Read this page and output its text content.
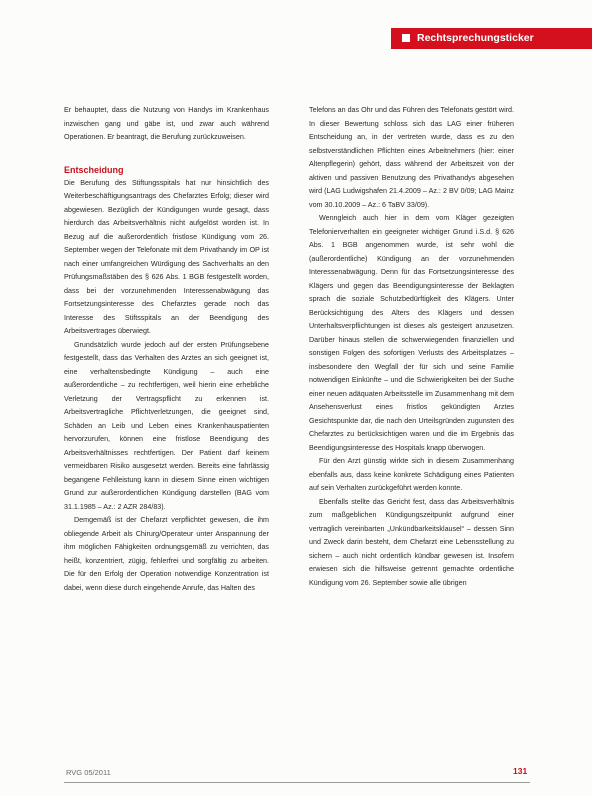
Rechtsprechungsticker

Er behauptet, dass die Nutzung von Handys im Krankenhaus inzwischen gang und gäbe ist, und zwar auch während Operationen. Er beantragt, die Berufung zurückzuweisen.

Entscheidung

Die Berufung des Stiftungsspitals hat nur hinsichtlich des Weiterbeschäftigungsantrags des Chefarztes Erfolg; dieser wird abgewiesen. Bezüglich der Kündigungen wurde gesagt, dass hierdurch das Arbeitsverhältnis nicht aufgelöst worden ist. In Bezug auf die außerordentlich fristlose Kündigung vom 26. September wegen der Telefonate mit dem Privathandy im OP ist nach einer umfangreichen Würdigung des Sachverhalts an den Prüfungsmaßstäben des § 626 Abs. 1 BGB festgestellt worden, dass bei der vorzunehmenden Interessenabwägung das Fortsetzungsinteresse des Chefarztes gerade noch das Interesse des Stiftsspitals an der Beendigung des Arbeitsvertrages überwiegt.

Grundsätzlich wurde jedoch auf der ersten Prüfungsebene festgestellt, dass das Verhalten des Arztes an sich geeignet ist, eine verhaltensbedingte Kündigung – auch eine außerordentliche – zu rechtfertigen, weil hierin eine erhebliche Verletzung der Vertragspflicht zu erkennen ist. Arbeitsvertragliche Pflichtverletzungen, die geeignet sind, Schäden an Leib und Leben eines Krankenhauspatienten hervorzurufen, können eine fristlose Beendigung des Arbeitsverhältnisses rechtfertigen. Der Patient darf keinem vermeidbaren Risiko ausgesetzt werden. Bereits eine fahrlässig begangene Fehlleistung kann in diesem Sinne einen wichtigen Grund zur außerordentlichen Kündigung darstellen (BAG vom 31.1.1985 – Az.: 2 AZR 284/83).

Demgemäß ist der Chefarzt verpflichtet gewesen, die ihm obliegende Arbeit als Chirurg/Operateur unter Anspannung der ihm möglichen Fähigkeiten ordnungsgemäß zu verrichten, das heißt, konzentriert, zügig, fehlerfrei und sorgfältig zu arbeiten. Die für den Erfolg der Operation notwendige Konzentration ist dabei, wenn diese durch eingehende Anrufe, das Halten des

Telefons an das Ohr und das Führen des Telefonats gestört wird. In dieser Bewertung schloss sich das LAG einer früheren Entscheidung an, in der vertreten wurde, dass es zu den selbstverständlichen Pflichten eines Arbeitnehmers (hier: einer Altenpflegerin) gehört, dass während der Arbeitszeit von der aktiven und passiven Benutzung des Privathandys abgesehen wird (LAG Ludwigshafen 21.4.2009 – Az.: 2 BV 0/09; LAG Mainz vom 30.10.2009 – Az.: 6 TaBV 33/09).

Wenngleich auch hier in dem vom Kläger gezeigten Telefonierverhalten ein geeigneter wichtiger Grund i.S.d. § 626 Abs. 1 BGB angenommen wurde, ist sehr wohl die (außerordentliche) Kündigung an der vorzunehmenden Interessenabwägung. Denn für das Fortsetzungsinteresse des Klägers und gegen das Beendigungsinteresse der Beklagten sprach die soziale Schutzbedürftigkeit des Klägers. Unter Berücksichtigung des Alters des Klägers und dessen Unterhaltsverpflichtungen ist dieses als gesteigert anzusetzen. Darüber hinaus stellen die schwerwiegenden finanziellen und sonstigen Folgen des sofortigen Verlusts des Arbeitsplatzes – insbesondere den Wegfall der für sich und seine Familie notwendigen Einkünfte – und die Schwierigkeiten bei der Suche einer neuen adäquaten Arbeitsstelle im Zusammenhang mit dem Ansehensverlust eines fristlos gekündigten Arztes Gesichtspunkte dar, die nach den Urteilsgründen zugunsten des Chefarztes zu berücksichtigen waren und die im Ergebnis das Beendigungsinteresse des Hospitals knapp überwogen.

Für den Arzt günstig wirkte sich in diesem Zusammenhang ebenfalls aus, dass keine konkrete Schädigung eines Patienten auf sein Verhalten zurückgeführt werden konnte.

Ebenfalls stellte das Gericht fest, dass das Arbeitsverhältnis zum maßgeblichen Kündigungszeitpunkt aufgrund einer vertraglich vereinbarten „Unkündbarkeitsklausel“ – dessen Sinn und Zweck darin besteht, dem Chefarzt eine Lebensstellung zu sichern – auch nicht ordentlich kündbar gewesen ist. Insofern erwiesen sich die hilfsweise getrennt gemachte ordentliche Kündigung vom 26. September sowie alle übrigen

RVG 05/2011	131
